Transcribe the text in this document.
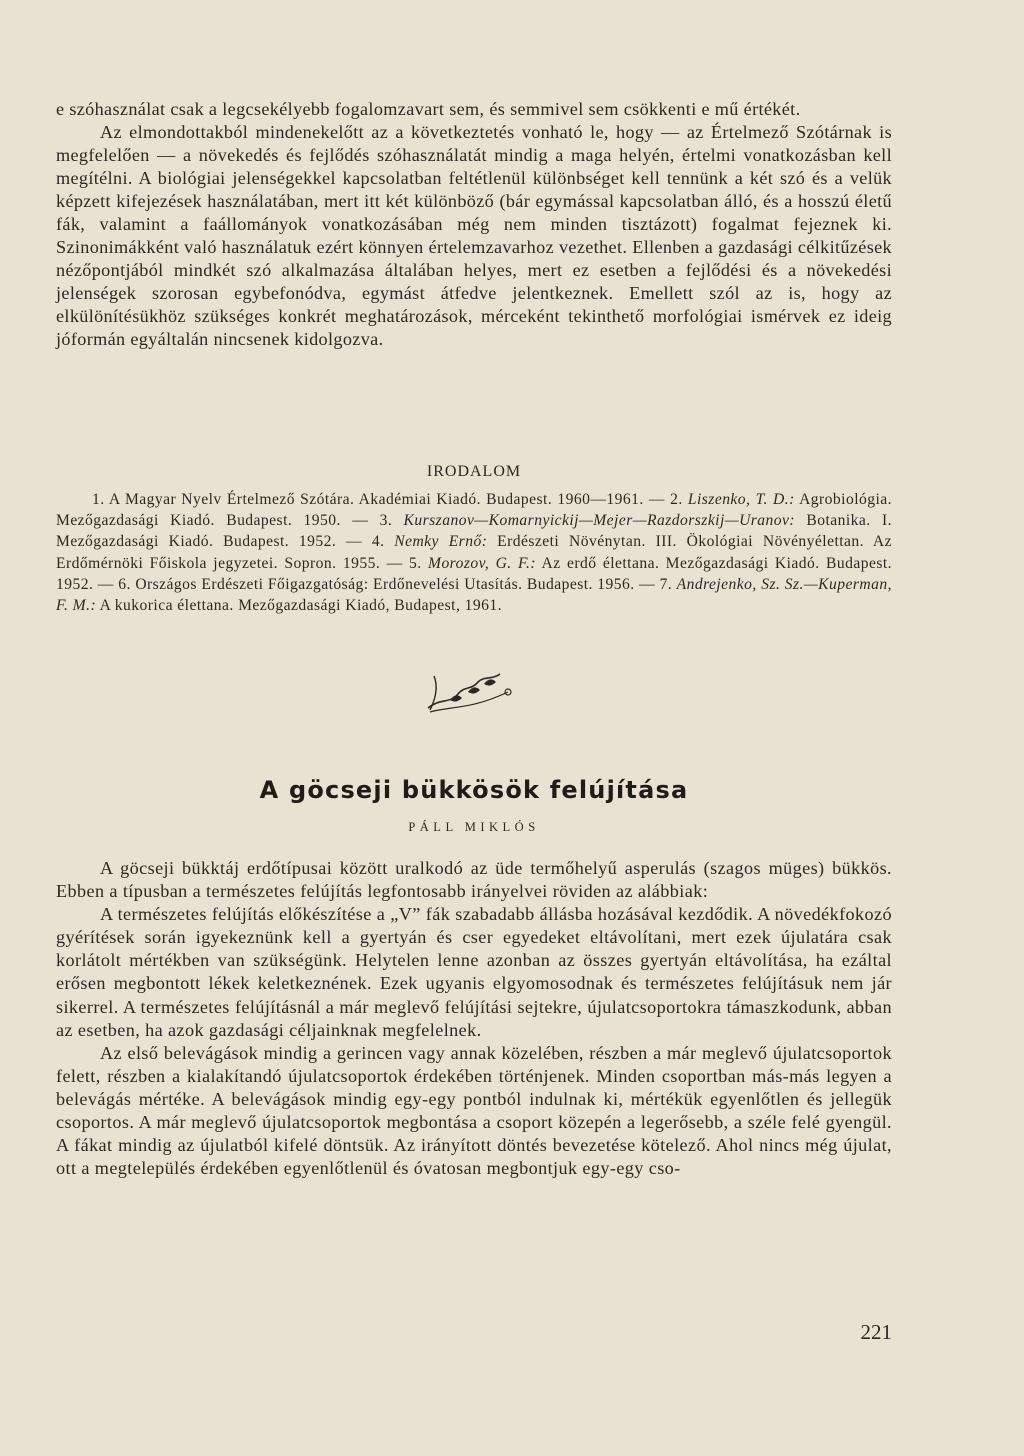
e szóhasználat csak a legcsekélyebb fogalomzavart sem, és semmivel sem csökkenti e mű értékét.

Az elmondottakból mindenekelőtt az a következtetés vonható le, hogy — az Értelmező Szótárnak is megfelelően — a növekedés és fejlődés szóhasználatát mindig a maga helyén, értelmi vonatkozásban kell megítélni. A biológiai jelenségekkel kapcsolatban feltétlenül különbséget kell tennünk a két szó és a velük képzett kifejezések használatában, mert itt két különböző (bár egymással kapcsolatban álló, és a hosszú életű fák, valamint a faállományok vonatkozásában még nem minden tisztázott) fogalmat fejeznek ki. Szinonimákként való használatuk ezért könnyen értelemzavarhoz vezethet. Ellenben a gazdasági célkitűzések nézőpontjából mindkét szó alkalmazása általában helyes, mert ez esetben a fejlődési és a növekedési jelenségek szorosan egybefonódva, egymást átfedve jelentkeznek. Emellett szól az is, hogy az elkülönítésükhöz szükséges konkrét meghatározások, mérceként tekinthető morfológiai ismérvek ez ideig jóformán egyáltalán nincsenek kidolgozva.

IRODALOM

1. A Magyar Nyelv Értelmező Szótára. Akadémiai Kiadó. Budapest. 1960—1961. — 2. Liszenko, T. D.: Agrobiológia. Mezőgazdasági Kiadó. Budapest. 1950. — 3. Kurszanov—Komarnyickij—Mejer—Razdorszkij—Uranov: Botanika. I. Mezőgazdasági Kiadó. Budapest. 1952. — 4. Nemky Ernő: Erdészeti Növénytan. III. Ökológiai Növényélettan. Az Erdőmérnöki Főiskola jegyzetei. Sopron. 1955. — 5. Morozov, G. F.: Az erdő élettana. Mezőgazdasági Kiadó. Budapest. 1952. — 6. Országos Erdészeti Főigazgatóság: Erdőnevelési Utasítás. Budapest. 1956. — 7. Andrejenko, Sz. Sz.—Kuperman, F. M.: A kukorica élettana. Mezőgazdasági Kiadó, Budapest, 1961.

A göcseji bükkösök felújítása
PÁLL MIKLÓS

A göcseji bükktáj erdőtípusai között uralkodó az üde termőhelyű asperulás (szagos müges) bükkös. Ebben a típusban a természetes felújítás legfontosabb irányelvei röviden az alábbiak:

A természetes felújítás előkészítése a „V” fák szabadabb állásba hozásával kezdődik. A növedékfokozó gyérítések során igyekeznünk kell a gyertyán és cser egyedeket eltávolítani, mert ezek újulatára csak korlátolt mértékben van szükségünk. Helytelen lenne azonban az összes gyertyán eltávolítása, ha ezáltal erősen megbontott lékek keletkeznének. Ezek ugyanis elgyomosodnak és természetes felújításuk nem jár sikerrel. A természetes felújításnál a már meglevő felújítási sejtekre, újulatcsoportokra támaszkodunk, abban az esetben, ha azok gazdasági céljainknak megfelelnek.

Az első belevágások mindig a gerincen vagy annak közelében, részben a már meglevő újulatcsoportok felett, részben a kialakítandó újulatcsoportok érdekében történjenek. Minden csoportban más-más legyen a belevágás mértéke. A belevágások mindig egy-egy pontból indulnak ki, mértékük egyenlőtlen és jellegük csoportos. A már meglevő újulatcsoportok megbontása a csoport közepén a legerősebb, a széle felé gyengül. A fákat mindig az újulatból kifelé döntsük. Az irányított döntés bevezetése kötelező. Ahol nincs még újulat, ott a megtelepülés érdekében egyenlőtlenül és óvatosan megbontjuk egy-egy cso-

221
